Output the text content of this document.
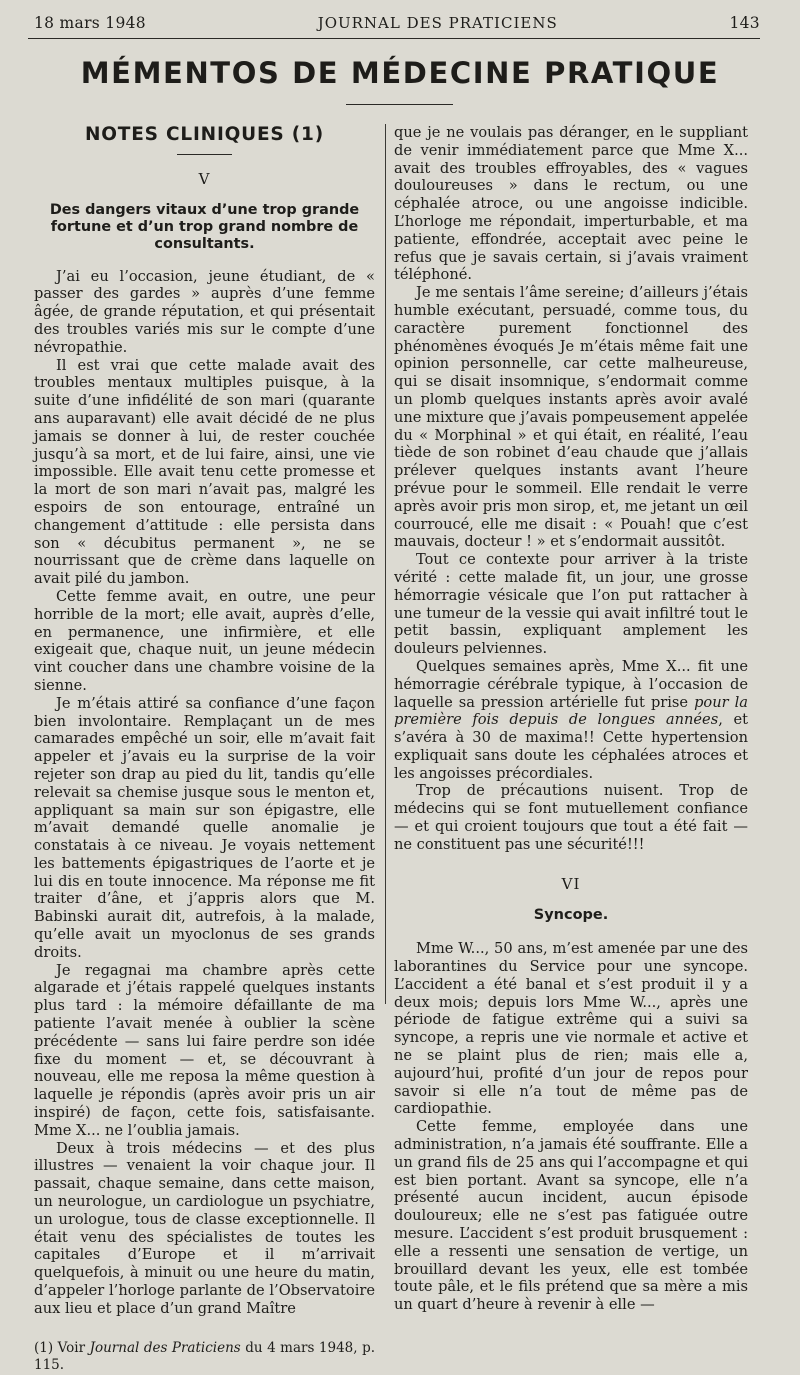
18 mars 1948	JOURNAL DES PRATICIENS	143
MÉMENTOS DE MÉDECINE PRATIQUE
NOTES CLINIQUES (1)
V
Des dangers vitaux d’une trop grande fortune et d’un trop grand nombre de consultants.

J’ai eu l’occasion, jeune étudiant, de « passer des gardes » auprès d’une femme âgée, de grande réputation, et qui présentait des troubles variés mis sur le compte d’une névropathie.

Il est vrai que cette malade avait des troubles mentaux multiples puisque, à la suite d’une infidélité de son mari (quarante ans auparavant) elle avait décidé de ne plus jamais se donner à lui, de rester couchée jusqu’à sa mort, et de lui faire, ainsi, une vie impossible. Elle avait tenu cette promesse et la mort de son mari n’avait pas, malgré les espoirs de son entourage, entraîné un changement d’attitude : elle persista dans son « décubitus permanent », ne se nourrissant que de crème dans laquelle on avait pilé du jambon.

Cette femme avait, en outre, une peur horrible de la mort; elle avait, auprès d’elle, en permanence, une infirmière, et elle exigeait que, chaque nuit, un jeune médecin vint coucher dans une chambre voisine de la sienne.

Je m’étais attiré sa confiance d’une façon bien involontaire. Remplaçant un de mes camarades empêché un soir, elle m’avait fait appeler et j’avais eu la surprise de la voir rejeter son drap au pied du lit, tandis qu’elle relevait sa chemise jusque sous le menton et, appliquant sa main sur son épigastre, elle m’avait demandé quelle anomalie je constatais à ce niveau. Je voyais nettement les battements épigastriques de l’aorte et je lui dis en toute innocence. Ma réponse me fit traiter d’âne, et j’appris alors que M. Babinski aurait dit, autrefois, à la malade, qu’elle avait un myoclonus de ses grands droits.

Je regagnai ma chambre après cette algarade et j’étais rappelé quelques instants plus tard : la mémoire défaillante de ma patiente l’avait menée à oublier la scène précédente — sans lui faire perdre son idée fixe du moment — et, se découvrant à nouveau, elle me reposa la même question à laquelle je répondis (après avoir pris un air inspiré) de façon, cette fois, satisfaisante. Mme X... ne l’oublia jamais.

Deux à trois médecins — et des plus illustres — venaient la voir chaque jour. Il passait, chaque semaine, dans cette maison, un neurologue, un cardiologue un psychiatre, un urologue, tous de classe exceptionnelle. Il était venu des spécialistes de toutes les capitales d’Europe et il m’arrivait quelquefois, à minuit ou une heure du matin, d’appeler l’horloge parlante de l’Observatoire aux lieu et place d’un grand Maître

(1) Voir Journal des Praticiens du 4 mars 1948, p. 115.

que je ne voulais pas déranger, en le suppliant de venir immédiatement parce que Mme X... avait des troubles effroyables, des « vagues douloureuses » dans le rectum, ou une céphalée atroce, ou une angoisse indicible. L’horloge me répondait, imperturbable, et ma patiente, effondrée, acceptait avec peine le refus que je savais certain, si j’avais vraiment téléphoné.

Je me sentais l’âme sereine; d’ailleurs j’étais humble exécutant, persuadé, comme tous, du caractère purement fonctionnel des phénomènes évoqués Je m’étais même fait une opinion personnelle, car cette malheureuse, qui se disait insomnique, s’endormait comme un plomb quelques instants après avoir avalé une mixture que j’avais pompeusement appelée du « Morphinal » et qui était, en réalité, l’eau tiède de son robinet d’eau chaude que j’allais prélever quelques instants avant l’heure prévue pour le sommeil. Elle rendait le verre après avoir pris mon sirop, et, me jetant un œil courroucé, elle me disait : « Pouah! que c’est mauvais, docteur ! » et s’endormait aussitôt.

Tout ce contexte pour arriver à la triste vérité : cette malade fit, un jour, une grosse hémorragie vésicale que l’on put rattacher à une tumeur de la vessie qui avait infiltré tout le petit bassin, expliquant amplement les douleurs pelviennes.

Quelques semaines après, Mme X... fit une hémorragie cérébrale typique, à l’occasion de laquelle sa pression artérielle fut prise pour la première fois depuis de longues années, et s’avéra à 30 de maxima!! Cette hypertension expliquait sans doute les céphalées atroces et les angoisses précordiales.

Trop de précautions nuisent. Trop de médecins qui se font mutuellement confiance — et qui croient toujours que tout a été fait — ne constituent pas une sécurité!!!

VI
Syncope.

Mme W..., 50 ans, m’est amenée par une des laborantines du Service pour une syncope. L’accident a été banal et s’est produit il y a deux mois; depuis lors Mme W..., après une période de fatigue extrême qui a suivi sa syncope, a repris une vie normale et active et ne se plaint plus de rien; mais elle a, aujourd’hui, profité d’un jour de repos pour savoir si elle n’a tout de même pas de cardiopathie.

Cette femme, employée dans une administration, n’a jamais été souffrante. Elle a un grand fils de 25 ans qui l’accompagne et qui est bien portant. Avant sa syncope, elle n’a présenté aucun incident, aucun épisode douloureux; elle ne s’est pas fatiguée outre mesure. L’accident s’est produit brusquement : elle a ressenti une sensation de vertige, un brouillard devant les yeux, elle est tombée toute pâle, et le fils prétend que sa mère a mis un quart d’heure à revenir à elle —
